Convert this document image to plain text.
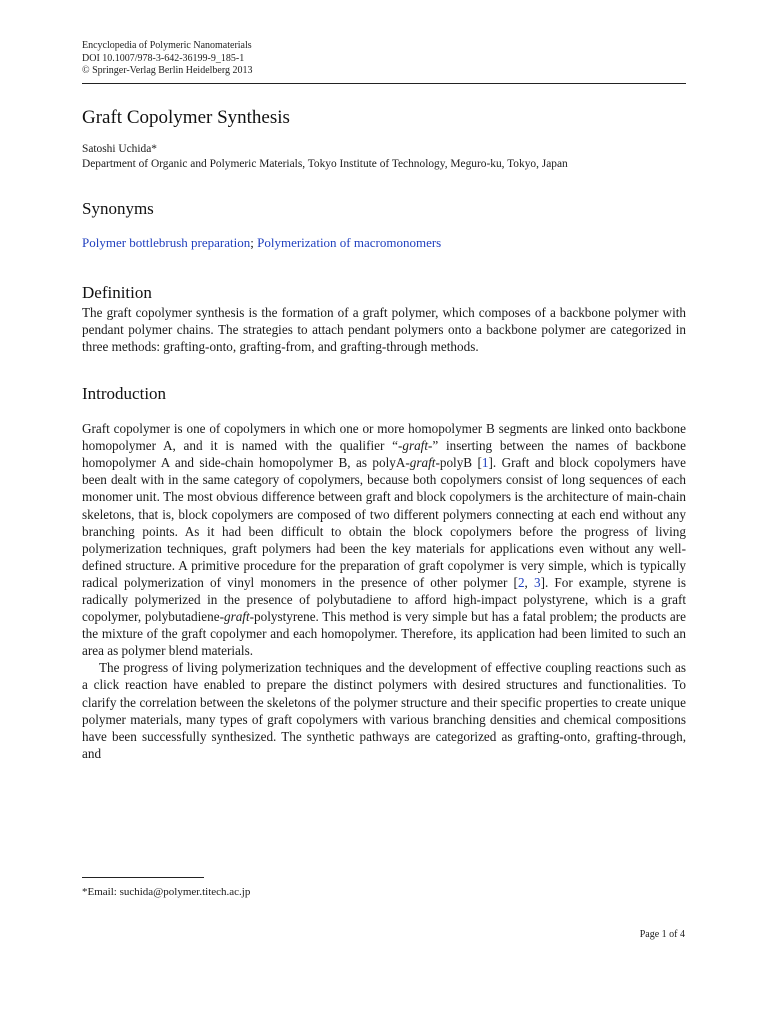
Encyclopedia of Polymeric Nanomaterials
DOI 10.1007/978-3-642-36199-9_185-1
© Springer-Verlag Berlin Heidelberg 2013
Graft Copolymer Synthesis
Satoshi Uchida*
Department of Organic and Polymeric Materials, Tokyo Institute of Technology, Meguro-ku, Tokyo, Japan
Synonyms
Polymer bottlebrush preparation; Polymerization of macromonomers
Definition

The graft copolymer synthesis is the formation of a graft polymer, which composes of a backbone polymer with pendant polymer chains. The strategies to attach pendant polymers onto a backbone polymer are categorized in three methods: grafting-onto, grafting-from, and grafting-through methods.

Introduction

Graft copolymer is one of copolymers in which one or more homopolymer B segments are linked onto backbone homopolymer A, and it is named with the qualifier “-graft-” inserting between the names of backbone homopolymer A and side-chain homopolymer B, as polyA-graft-polyB [1]. Graft and block copolymers have been dealt with in the same category of copolymers, because both copolymers consist of long sequences of each monomer unit. The most obvious difference between graft and block copolymers is the architecture of main-chain skeletons, that is, block copolymers are composed of two different polymers connecting at each end without any branching points. As it had been difficult to obtain the block copolymers before the progress of living polymerization techniques, graft polymers had been the key materials for applications even without any well-defined structure. A primitive procedure for the preparation of graft copolymer is very simple, which is typically radical polymerization of vinyl monomers in the presence of other polymer [2, 3]. For example, styrene is radically polymerized in the presence of polybutadiene to afford high-impact polystyrene, which is a graft copolymer, polybutadiene-graft-polystyrene. This method is very simple but has a fatal problem; the products are the mixture of the graft copolymer and each homopolymer. Therefore, its application had been limited to such an area as polymer blend materials.

The progress of living polymerization techniques and the development of effective coupling reactions such as a click reaction have enabled to prepare the distinct polymers with desired structures and functionalities. To clarify the correlation between the skeletons of the polymer structure and their specific properties to create unique polymer materials, many types of graft copolymers with various branching densities and chemical compositions have been successfully synthesized. The synthetic pathways are categorized as grafting-onto, grafting-through, and

*Email: suchida@polymer.titech.ac.jp
Page 1 of 4
